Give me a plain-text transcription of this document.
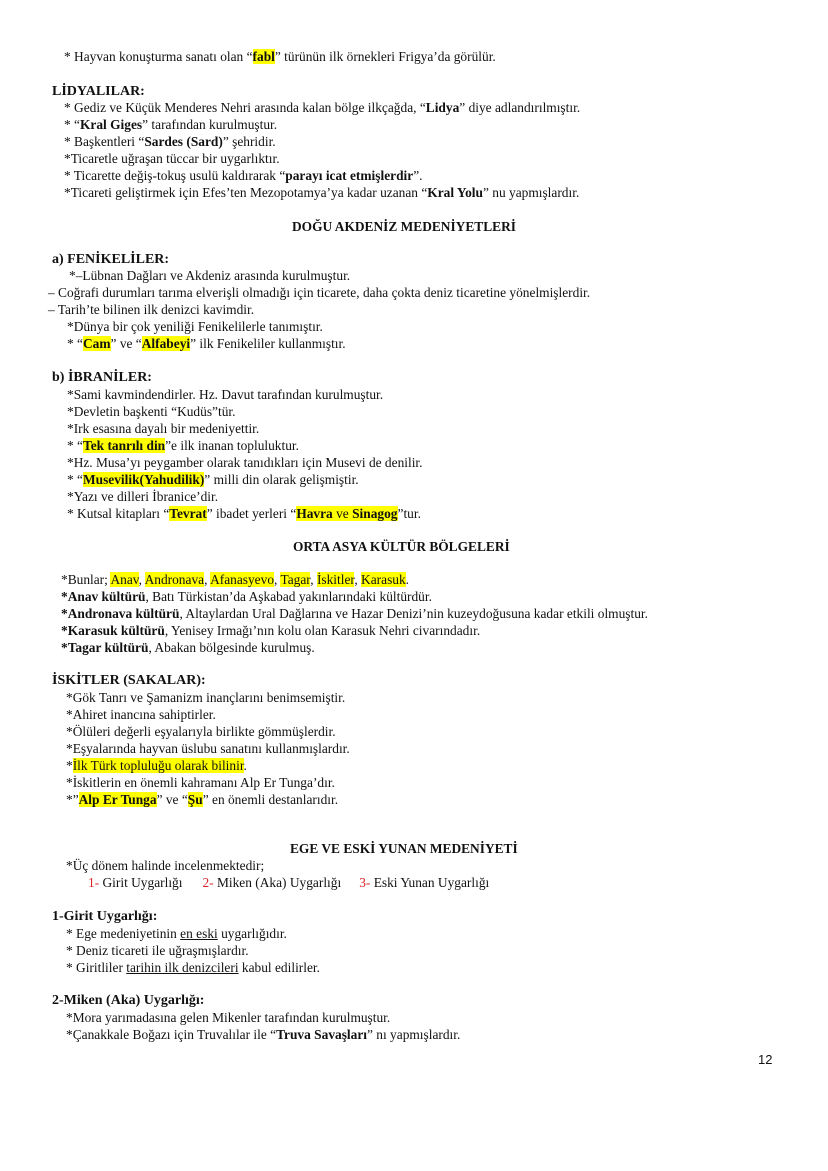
* Hayvan konuşturma sanatı olan “fabl” türünün ilk örnekleri Frigya’da görülür.
LİDYALILAR:
* Gediz ve Küçük Menderes Nehri arasında kalan bölge ilkçağda, “Lidya” diye adlandırılmıştır.
* “Kral Giges” tarafından kurulmuştur.
* Başkentleri “Sardes (Sard)” şehridir.
*Ticaretle uğraşan tüccar bir uygarlıktır.
* Ticarette değiş-tokuş usulü kaldırarak “parayı icat etmişlerdir”.
*Ticareti geliştirmek için Efes’ten Mezopotamya’ya kadar uzanan “Kral Yolu” nu yapmışlardır.
DOĞU AKDENİZ MEDENİYETLERİ
a) FENİKELİLER:
*–Lübnan Dağları ve Akdeniz arasında kurulmuştur.
– Coğrafi durumları tarıma elverişli olmadığı için ticarete, daha çokta deniz ticaretine yönelmişlerdir.
– Tarih’te bilinen ilk denizci kavimdir.
*Dünya bir çok yeniliği Fenikelilerle tanımıştır.
* “Cam” ve “Alfabeyi” ilk Fenikeliler kullanmıştır.
b) İBRANİLER:
*Sami kavmindendirler. Hz. Davut tarafından kurulmuştur.
*Devletin başkenti “Kudüs”tür.
*Irk esasına dayalı bir medeniyettir.
* “Tek tanrılı din”e ilk inanan topluluktur.
*Hz. Musa’yı peygamber olarak tanıdıkları için Musevi de denilir.
* “Musevilik(Yahudilik)” milli din olarak gelişmiştir.
*Yazı ve dilleri İbranice’dir.
* Kutsal kitapları “Tevrat” ibadet yerleri “Havra ve Sinagog”tur.
ORTA ASYA KÜLTÜR BÖLGELERİ
*Bunlar; Anav, Andronava, Afanasyevo, Tagar, İskitler, Karasuk.
*Anav kültürü, Batı Türkistan’da Aşkabad yakınlarındaki kültürdür.
*Andronava kültürü, Altaylardan Ural Dağlarına ve Hazar Denizi’nin kuzeydoğusuna kadar etkili olmuştur.
*Karasuk kültürü, Yenisey Irmağı’nın kolu olan Karasuk Nehri civarındadır.
*Tagar kültürü, Abakan bölgesinde kurulmuş.
İSKİTLER (SAKALAR):
*Gök Tanrı ve Şamanizm inançlarını benimsemiştir.
*Ahiret inancına sahiptirler.
*Ölüleri değerli eşyalarıyla birlikte gömmüşlerdir.
*Eşyalarında hayvan üslubu sanatını kullanmışlardır.
*İlk Türk topluluğu olarak bilinir.
*İskitlerin en önemli kahramanı Alp Er Tunga’dır.
*”Alp Er Tunga” ve “Şu” en önemli destanlarıdır.
EGE VE ESKİ YUNAN MEDENİYETİ
*Üç dönem halinde incelenmektedir;
1- Girit Uygarlığı 2- Miken (Aka) Uygarlığı 3- Eski Yunan Uygarlığı
1-Girit Uygarlığı:
* Ege medeniyetinin en eski uygarlığıdır.
* Deniz ticareti ile uğraşmışlardır.
* Giritliler tarihin ilk denizcileri kabul edilirler.
2-Miken (Aka) Uygarlığı:
*Mora yarımadasına gelen Mikenler tarafından kurulmuştur.
*Çanakkale Boğazı için Truvalılar ile “Truva Savaşları” nı yapmışlardır.
12
